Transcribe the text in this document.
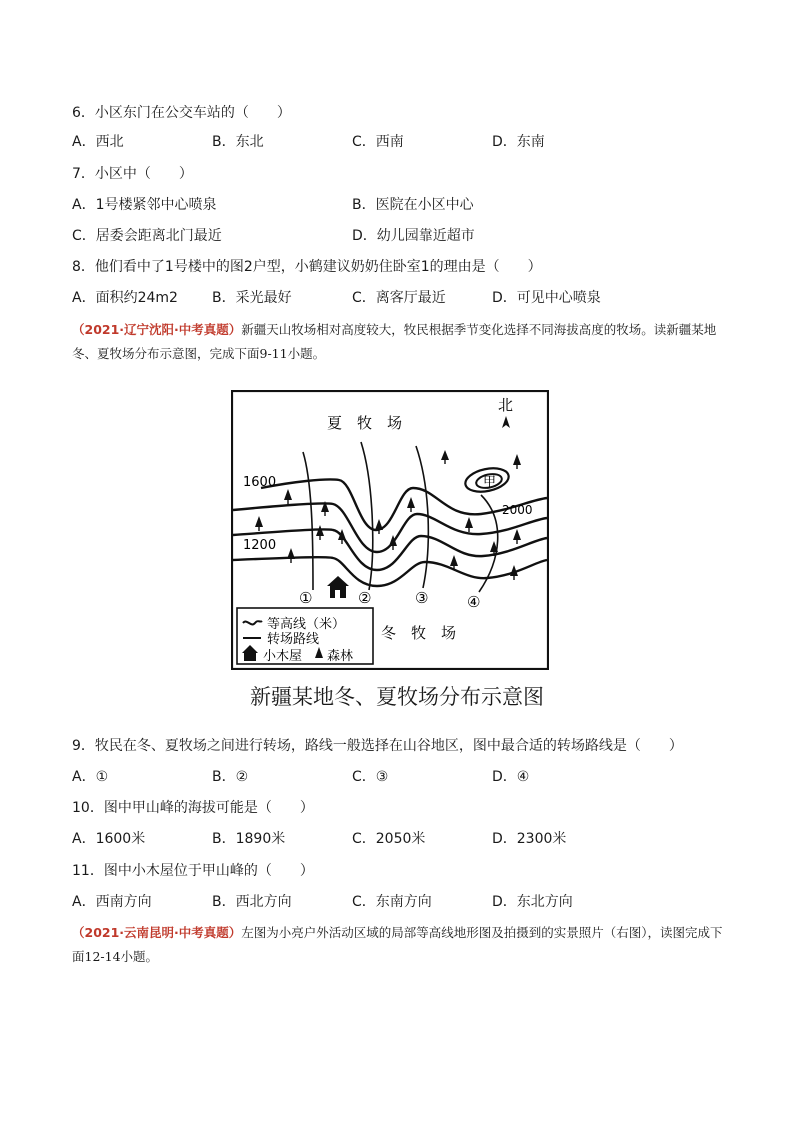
6．小区东门在公交车站的（　　）
A．西北	B．东北	C．西南	D．东南
7．小区中（　　）
A．1号楼紧邻中心喷泉	B．医院在小区中心
C．居委会距离北门最近	D．幼儿园靠近超市
8．他们看中了1号楼中的图2户型，小鹤建议奶奶住卧室1的理由是（　　）
A．面积约24m2 B．采光最好	C．离客厅最近	D．可见中心喷泉
（2021·辽宁沈阳·中考真题）新疆天山牧场相对高度较大，牧民根据季节变化选择不同海拔高度的牧场。读新疆某地冬、夏牧场分布示意图，完成下面9-11小题。
甲
①	②	③	④
北
夏　牧　场
1600
1200
2000
冬　牧　场
等高线（米）
转场路线
小木屋 森林
新疆某地冬、夏牧场分布示意图
9．牧民在冬、夏牧场之间进行转场，路线一般选择在山谷地区，图中最合适的转场路线是（　　）
A．①	B．②	C．③	D．④
10．图中甲山峰的海拔可能是（　　）
A．1600米	B．1890米	C．2050米	D．2300米
11．图中小木屋位于甲山峰的（　　）
A．西南方向	B．西北方向	C．东南方向	D．东北方向
（2021·云南昆明·中考真题）左图为小亮户外活动区域的局部等高线地形图及拍摄到的实景照片（右图），读图完成下面12-14小题。
